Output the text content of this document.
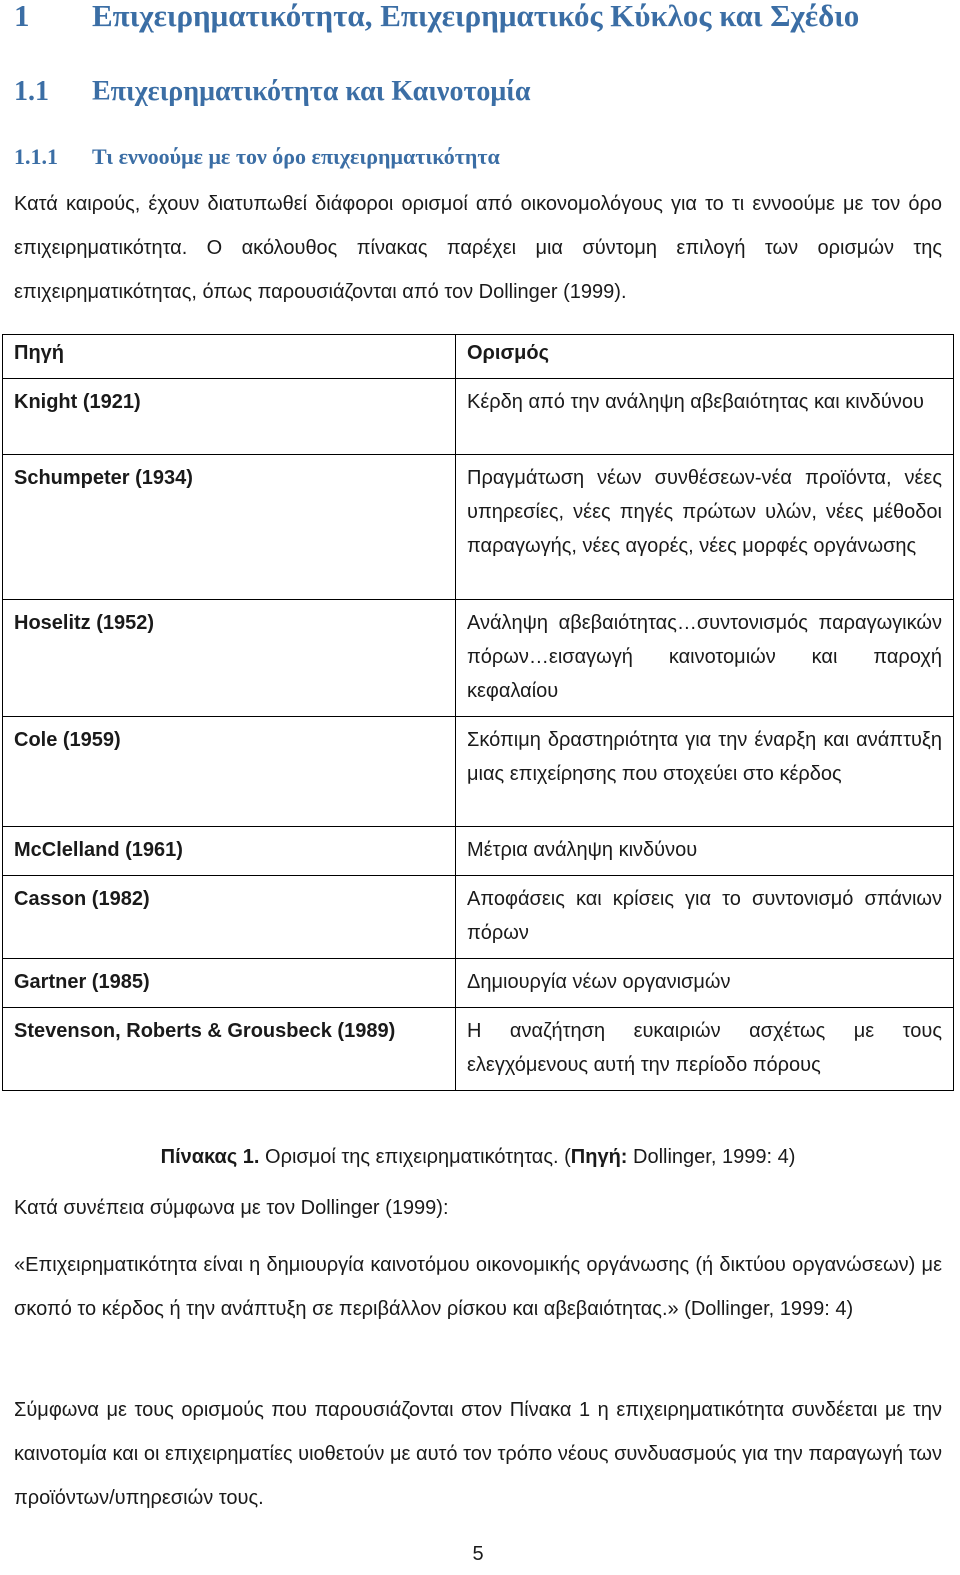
1 Επιχειρηματικότητα, Επιχειρηματικός Κύκλος και Σχέδιο
1.1 Επιχειρηματικότητα και Καινοτομία
1.1.1 Τι εννοούμε με τον όρο επιχειρηματικότητα

Κατά καιρούς, έχουν διατυπωθεί διάφοροι ορισμοί από οικονομολόγους για το τι εννοούμε με τον όρο επιχειρηματικότητα. Ο ακόλουθος πίνακας παρέχει μια σύντομη επιλογή των ορισμών της επιχειρηματικότητας, όπως παρουσιάζονται από τον Dollinger (1999).

Πηγή	Ορισμός
Knight (1921)	Κέρδη από την ανάληψη αβεβαιότητας και κινδύνου
Schumpeter (1934)	Πραγμάτωση νέων συνθέσεων-νέα προϊόντα, νέες υπηρεσίες, νέες πηγές πρώτων υλών, νέες μέθοδοι παραγωγής, νέες αγορές, νέες μορφές οργάνωσης
Hoselitz (1952)	Ανάληψη αβεβαιότητας…συντονισμός παραγωγικών πόρων…εισαγωγή καινοτομιών και παροχή κεφαλαίου
Cole (1959)	Σκόπιμη δραστηριότητα για την έναρξη και ανάπτυξη μιας επιχείρησης που στοχεύει στο κέρδος
McClelland (1961)	Μέτρια ανάληψη κινδύνου
Casson (1982)	Αποφάσεις και κρίσεις για το συντονισμό σπάνιων πόρων
Gartner (1985)	Δημιουργία νέων οργανισμών
Stevenson, Roberts & Grousbeck (1989)	Η αναζήτηση ευκαιριών ασχέτως με τους ελεγχόμενους αυτή την περίοδο πόρους
Πίνακας 1. Ορισμοί της επιχειρηματικότητας. (Πηγή: Dollinger, 1999: 4)

Κατά συνέπεια σύμφωνα με τον Dollinger (1999):

«Επιχειρηματικότητα είναι η δημιουργία καινοτόμου οικονομικής οργάνωσης (ή δικτύου οργανώσεων) με σκοπό το κέρδος ή την ανάπτυξη σε περιβάλλον ρίσκου και αβεβαιότητας.» (Dollinger, 1999: 4)

Σύμφωνα με τους ορισμούς που παρουσιάζονται στον Πίνακα 1 η επιχειρηματικότητα συνδέεται με την καινοτομία και οι επιχειρηματίες υιοθετούν με αυτό τον τρόπο νέους συνδυασμούς για την παραγωγή των προϊόντων/υπηρεσιών τους.

5
